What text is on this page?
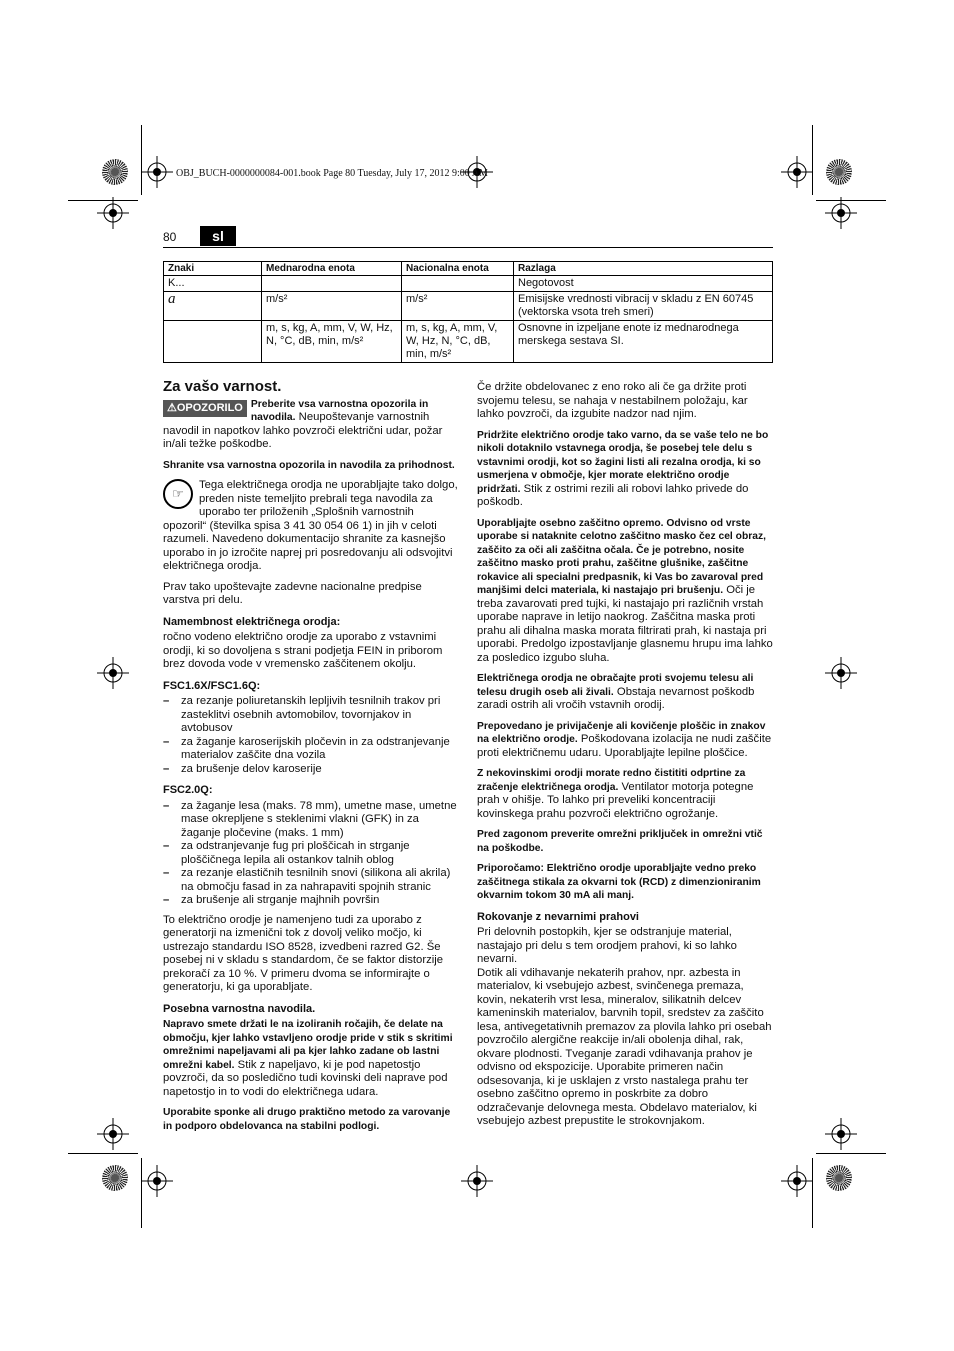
OBJ_BUCH-0000000084-001.book Page 80 Tuesday, July 17, 2012 9:00 AM
80	sl
Znaki	Mednarodna enota	Nacionalna enota	Razlaga
K...			Negotovost
a	m/s²	m/s²	Emisijske vrednosti vibracij v skladu z EN 60745 (vektorska vsota treh smeri)
	m, s, kg, A, mm, V, W, Hz, N, °C, dB, min, m/s²	m, s, kg, A, mm, V, W, Hz, N, °C, dB, min, m/s²	Osnovne in izpeljane enote iz mednarodnega merskega sestava SI.
Za vašo varnost.

⚠OPOZORILO Preberite vsa varnostna opozorila in navodila. Neupoštevanje varnostnih navodil in napotkov lahko povzroči električni udar, požar in/ali težke poškodbe.

Shranite vsa varnostna opozorila in navodila za prihodnost.

☞
Tega električnega orodja ne uporabljajte tako dolgo, preden niste temeljito prebrali tega navodila za uporabo ter priloženih „Splošnih varnostnih opozoril“ (številka spisa 3 41 30 054 06 1) in jih v celoti razumeli. Navedeno dokumentacijo shranite za kasnejšo uporabo in jo izročite naprej pri posredovanju ali odsvojitvi električnega orodja.

Prav tako upoštevajte zadevne nacionalne predpise varstva pri delu.

Namembnost električnega orodja:

ročno vodeno električno orodje za uporabo z vstavnimi orodji, ki so dovoljena s strani podjetja FEIN in priborom brez dovoda vode v vremensko zaščitenem okolju.

FSC1.6X/FSC1.6Q:
– za rezanje poliuretanskih lepljivih tesnilnih trakov pri zasteklitvi osebnih avtomobilov, tovornjakov in avtobusov
– za žaganje karoserijskih pločevin in za odstranjevanje materialov zaščite dna vozila
– za brušenje delov karoserije
FSC2.0Q:
– za žaganje lesa (maks. 78 mm), umetne mase, umetne mase okrepljene s steklenimi vlakni (GFK) in za žaganje pločevine (maks. 1 mm)
– za odstranjevanje fug pri ploščicah in strganje ploščičnega lepila ali ostankov talnih oblog
– za rezanje elastičnih tesnilnih snovi (silikona ali akrila) na območju fasad in za nahrapaviti spojnih stranic
– za brušenje ali strganje majhnih površin

To električno orodje je namenjeno tudi za uporabo z generatorji na izmenični tok z dovolj veliko močjo, ki ustrezajo standardu ISO 8528, izvedbeni razred G2. Še posebej ni v skladu s standardom, če se faktor distorzije prekoračí za 10 %. V primeru dvoma se informirajte o generatorju, ki ga uporabljate.

Posebna varnostna navodila.

Napravo smete držati le na izoliranih ročajih, če delate na območju, kjer lahko vstavljeno orodje pride v stik s skritimi omrežnimi napeljavami ali pa kjer lahko zadane ob lastni omrežni kabel. Stik z napeljavo, ki je pod napetostjo povzroči, da so posledično tudi kovinski deli naprave pod napetostjo in to vodi do električnega udara.

Uporabite sponke ali drugo praktično metodo za varovanje in podporo obdelovanca na stabilni podlogi.

Če držite obdelovanec z eno roko ali če ga držite proti svojemu telesu, se nahaja v nestabilnem položaju, kar lahko povzroči, da izgubite nadzor nad njim.

Pridržite električno orodje tako varno, da se vaše telo ne bo nikoli dotaknilo vstavnega orodja, še posebej tele delu s vstavnimi orodji, kot so žagini listi ali rezalna orodja, ki so usmerjena v območje, kjer morate električno orodje pridržati. Stik z ostrimi rezili ali robovi lahko privede do poškodb.

Uporabljajte osebno zaščitno opremo. Odvisno od vrste uporabe si nataknite celotno zaščitno masko čez cel obraz, zaščito za oči ali zaščitna očala. Če je potrebno, nosite zaščitno masko proti prahu, zaščitne glušnike, zaščitne rokavice ali specialni predpasnik, ki Vas bo zavaroval pred manjšimi delci materiala, ki nastajajo pri brušenju. Oči je treba zavarovati pred tujki, ki nastajajo pri različnih vrstah uporabe naprave in letijo naokrog. Zaščitna maska proti prahu ali dihalna maska morata filtrirati prah, ki nastaja pri uporabi. Predolgo izpostavljanje glasnemu hrupu ima lahko za posledico izgubo sluha.

Električnega orodja ne obračajte proti svojemu telesu ali telesu drugih oseb ali živali. Obstaja nevarnost poškodb zaradi ostrih ali vročih vstavnih orodij.

Prepovedano je privijačenje ali kovičenje ploščic in znakov na električno orodje. Poškodovana izolacija ne nudi zaščite proti električnemu udaru. Uporabljajte lepilne ploščice.

Z nekovinskimi orodji morate redno čistititi odprtine za zračenje električnega orodja. Ventilator motorja potegne prah v ohišje. To lahko pri preveliki koncentraciji kovinskega prahu pozvroči električno ogrožanje.

Pred zagonom preverite omrežni priključek in omrežni vtič na poškodbe.

Priporočamo: Električno orodje uporabljajte vedno preko zaščitnega stikala za okvarni tok (RCD) z dimenzioniranim okvarnim tokom 30 mA ali manj.

Rokovanje z nevarnimi prahovi

Pri delovnih postopkih, kjer se odstranjuje material, nastajajo pri delu s tem orodjem prahovi, ki so lahko nevarni.

Dotik ali vdihavanje nekaterih prahov, npr. azbesta in materialov, ki vsebujejo azbest, svinčenega premaza, kovin, nekaterih vrst lesa, mineralov, silikatnih delcev kameninskih materialov, barvnih topil, sredstev za zaščito lesa, antivegetativnih premazov za plovila lahko pri osebah povzročilo alergične reakcije in/ali obolenja dihal, rak, okvare plodnosti. Tveganje zaradi vdihavanja prahov je odvisno od ekspozicije. Uporabite primeren način odsesovanja, ki je usklajen z vrsto nastalega prahu ter osebno zaščitno opremo in poskrbite za dobro odzračevanje delovnega mesta. Obdelavo materialov, ki vsebujejo azbest prepustite le strokovnjakom.
